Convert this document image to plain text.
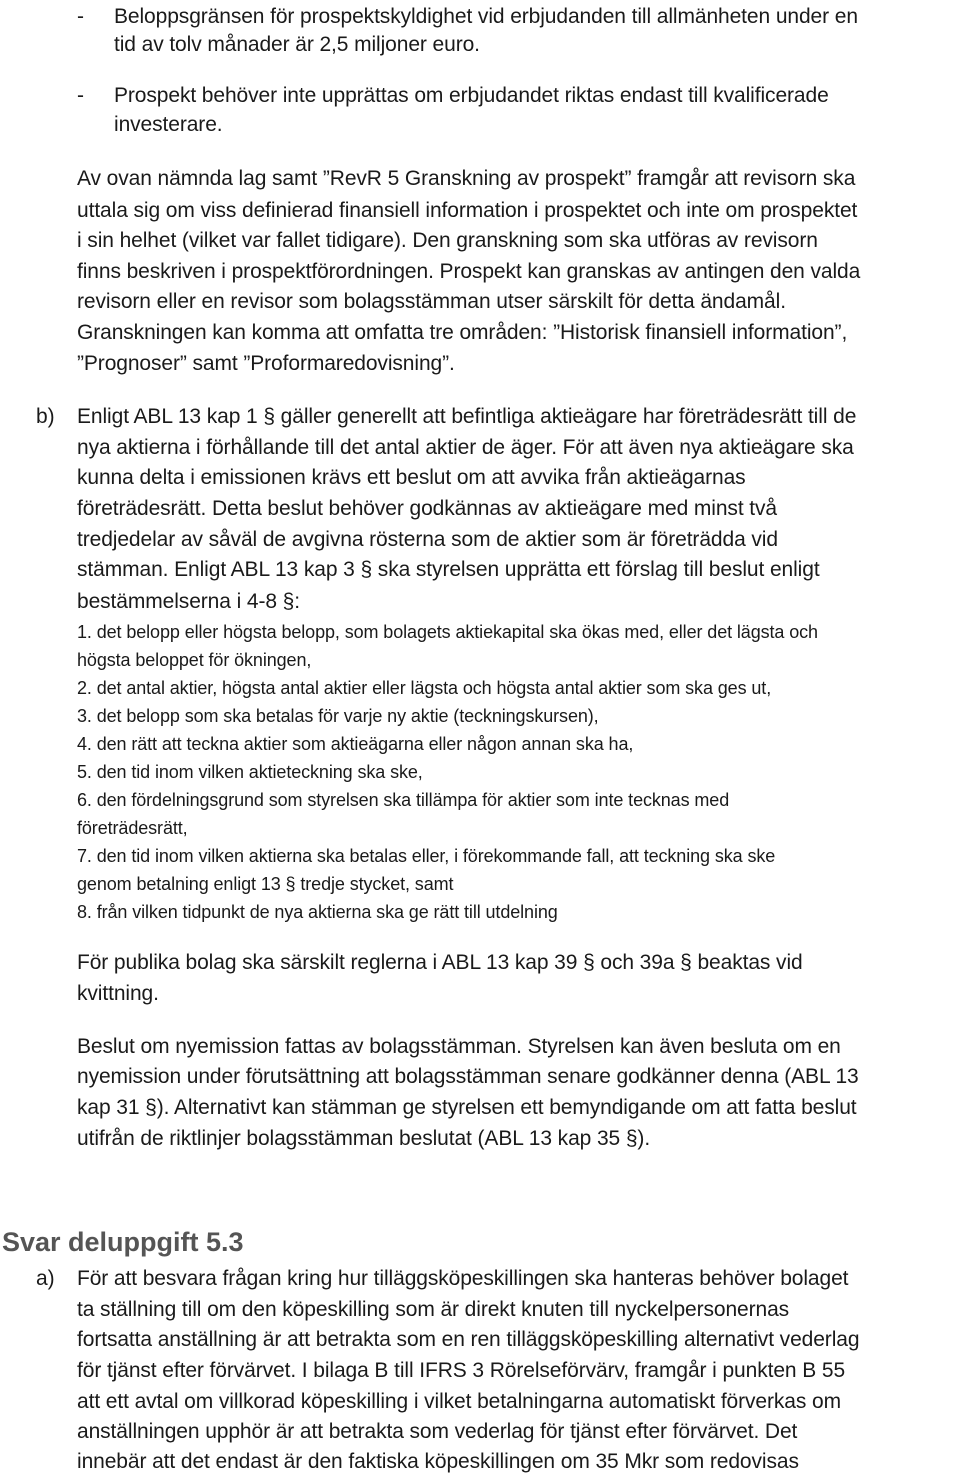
- Beloppsgränsen för prospektskyldighet vid erbjudanden till allmänheten under en
tid av tolv månader är 2,5 miljoner euro.
- Prospekt behöver inte upprättas om erbjudandet riktas endast till kvalificerade
investerare.
Av ovan nämnda lag samt ”RevR 5 Granskning av prospekt” framgår att revisorn ska
uttala sig om viss definierad finansiell information i prospektet och inte om prospektet
i sin helhet (vilket var fallet tidigare). Den granskning som ska utföras av revisorn
finns beskriven i prospektförordningen. Prospekt kan granskas av antingen den valda
revisorn eller en revisor som bolagsstämman utser särskilt för detta ändamål.
Granskningen kan komma att omfatta tre områden: ”Historisk finansiell information”,
”Prognoser” samt ”Proformaredovisning”.
b) Enligt ABL 13 kap 1 § gäller generellt att befintliga aktieägare har företrädesrätt till de
nya aktierna i förhållande till det antal aktier de äger. För att även nya aktieägare ska
kunna delta i emissionen krävs ett beslut om att avvika från aktieägarnas
företrädesrätt. Detta beslut behöver godkännas av aktieägare med minst två
tredjedelar av såväl de avgivna rösterna som de aktier som är företrädda vid
stämman. Enligt ABL 13 kap 3 § ska styrelsen upprätta ett förslag till beslut enligt
bestämmelserna i 4-8 §:
1. det belopp eller högsta belopp, som bolagets aktiekapital ska ökas med, eller det lägsta och
högsta beloppet för ökningen,
2. det antal aktier, högsta antal aktier eller lägsta och högsta antal aktier som ska ges ut,
3. det belopp som ska betalas för varje ny aktie (teckningskursen),
4. den rätt att teckna aktier som aktieägarna eller någon annan ska ha,
5. den tid inom vilken aktieteckning ska ske,
6. den fördelningsgrund som styrelsen ska tillämpa för aktier som inte tecknas med
företrädesrätt,
7. den tid inom vilken aktierna ska betalas eller, i förekommande fall, att teckning ska ske
genom betalning enligt 13 § tredje stycket, samt
8. från vilken tidpunkt de nya aktierna ska ge rätt till utdelning
För publika bolag ska särskilt reglerna i ABL 13 kap 39 § och 39a § beaktas vid
kvittning.
Beslut om nyemission fattas av bolagsstämman. Styrelsen kan även besluta om en
nyemission under förutsättning att bolagsstämman senare godkänner denna (ABL 13
kap 31 §). Alternativt kan stämman ge styrelsen ett bemyndigande om att fatta beslut
utifrån de riktlinjer bolagsstämman beslutat (ABL 13 kap 35 §).
Svar deluppgift 5.3
a) För att besvara frågan kring hur tilläggsköpeskillingen ska hanteras behöver bolaget
ta ställning till om den köpeskilling som är direkt knuten till nyckelpersonernas
fortsatta anställning är att betrakta som en ren tilläggsköpeskilling alternativt vederlag
för tjänst efter förvärvet. I bilaga B till IFRS 3 Rörelseförvärv, framgår i punkten B 55
att ett avtal om villkorad köpeskilling i vilket betalningarna automatiskt förverkas om
anställningen upphör är att betrakta som vederlag för tjänst efter förvärvet. Det
innebär att det endast är den faktiska köpeskillingen om 35 Mkr som redovisas
